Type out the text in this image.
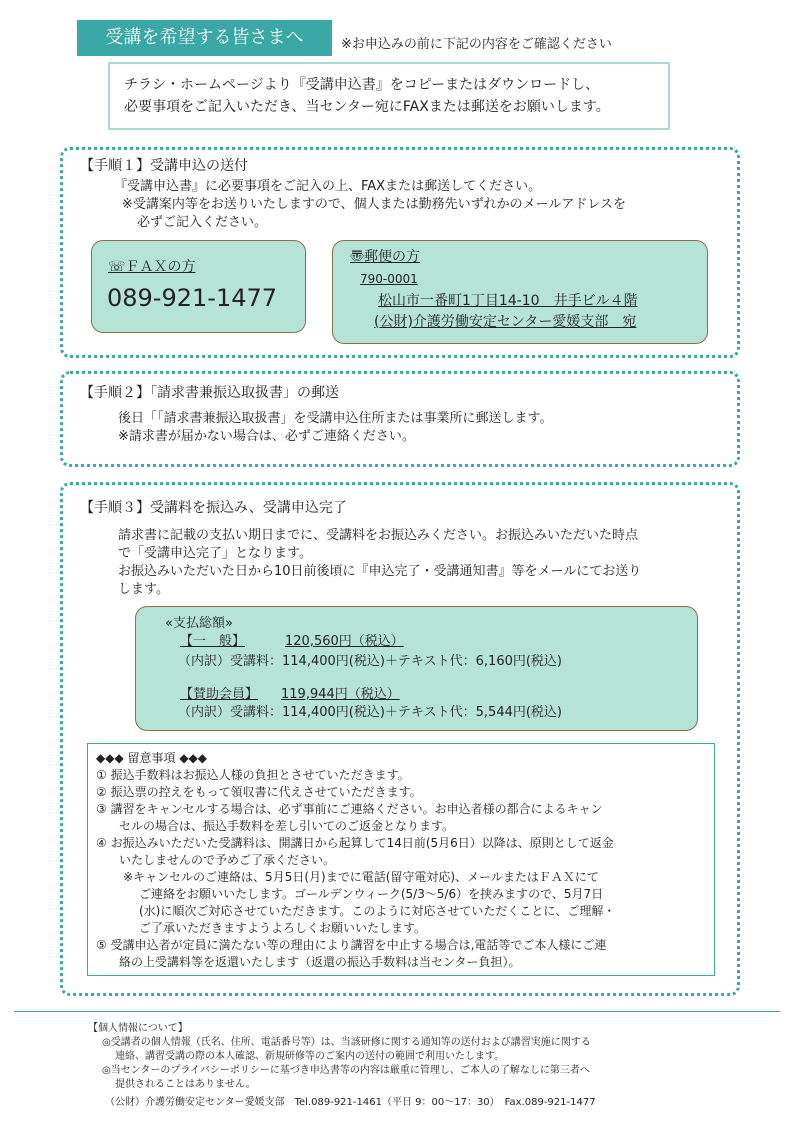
受講を希望する皆さまへ	※お申込みの前に下記の内容をご確認ください
チラシ・ホームページより『受講申込書』をコピーまたはダウンロードし、
必要事項をご記入いただき、当センター宛にFAXまたは郵送をお願いします。
【手順１】受講申込の送付
『受講申込書』に必要事項をご記入の上、FAXまたは郵送してください。
※受講案内等をお送りいたしますので、個人または勤務先いずれかのメールアドレスを
必ずご記入ください。
☏ＦＡＸの方
089-921-1477
〠郵便の方
790-0001
松山市一番町1丁目14-10　井手ビル４階
(公財)介護労働安定センター愛媛支部　宛
【手順２】「請求書兼振込取扱書」の郵送
後日「「請求書兼振込取扱書」を受講申込住所または事業所に郵送します。
※請求書が届かない場合は、必ずご連絡ください。
【手順３】受講料を振込み、受講申込完了
請求書に記載の支払い期日までに、受講料をお振込みください。お振込みいただいた時点
で「受講申込完了」となります。
お振込みいただいた日から10日前後頃に『申込完了・受講通知書』等をメールにてお送り
します。
«支払総額»
【一　般】	120,560円（税込）
（内訳）受講料：114,400円(税込)＋テキスト代：6,160円(税込)
【賛助会員】 119,944円（税込）
（内訳）受講料：114,400円(税込)＋テキスト代：5,544円(税込)
◆◆◆ 留意事項 ◆◆◆
① 振込手数料はお振込人様の負担とさせていただきます。
② 振込票の控えをもって領収書に代えさせていただきます。
③ 講習をキャンセルする場合は、必ず事前にご連絡ください。お申込者様の都合によるキャン
セルの場合は、振込手数料を差し引いてのご返金となります。
④ お振込みいただいた受講料は、開講日から起算して14日前(5月6日）以降は、原則として返金
いたしませんので予めご了承ください。
※キャンセルのご連絡は、5月5日(月)までに電話(留守電対応)、メールまたはＦＡＸにて
ご連絡をお願いいたします。ゴールデンウィーク(5/3～5/6）を挟みますので、5月7日
(水)に順次ご対応させていただきます。このように対応させていただくことに、ご理解・
ご了承いただきますようよろしくお願いいたします。
⑤ 受講申込者が定員に満たない等の理由により講習を中止する場合は,電話等でご本人様にご連
絡の上受講料等を返還いたします（返還の振込手数料は当センター負担）。
【個人情報について】
◎受講者の個人情報（氏名、住所、電話番号等）は、当該研修に関する通知等の送付および講習実施に関する
連絡、講習受講の際の本人確認、新規研修等のご案内の送付の範囲で利用いたします。
◎当センターのプライバシーポリシーに基づき申込書等の内容は厳重に管理し、ご本人の了解なしに第三者へ
提供されることはありません。
（公財）介護労働安定センター愛媛支部　Tel.089-921-1461（平日 9：00～17：30）　Fax.089-921-1477
